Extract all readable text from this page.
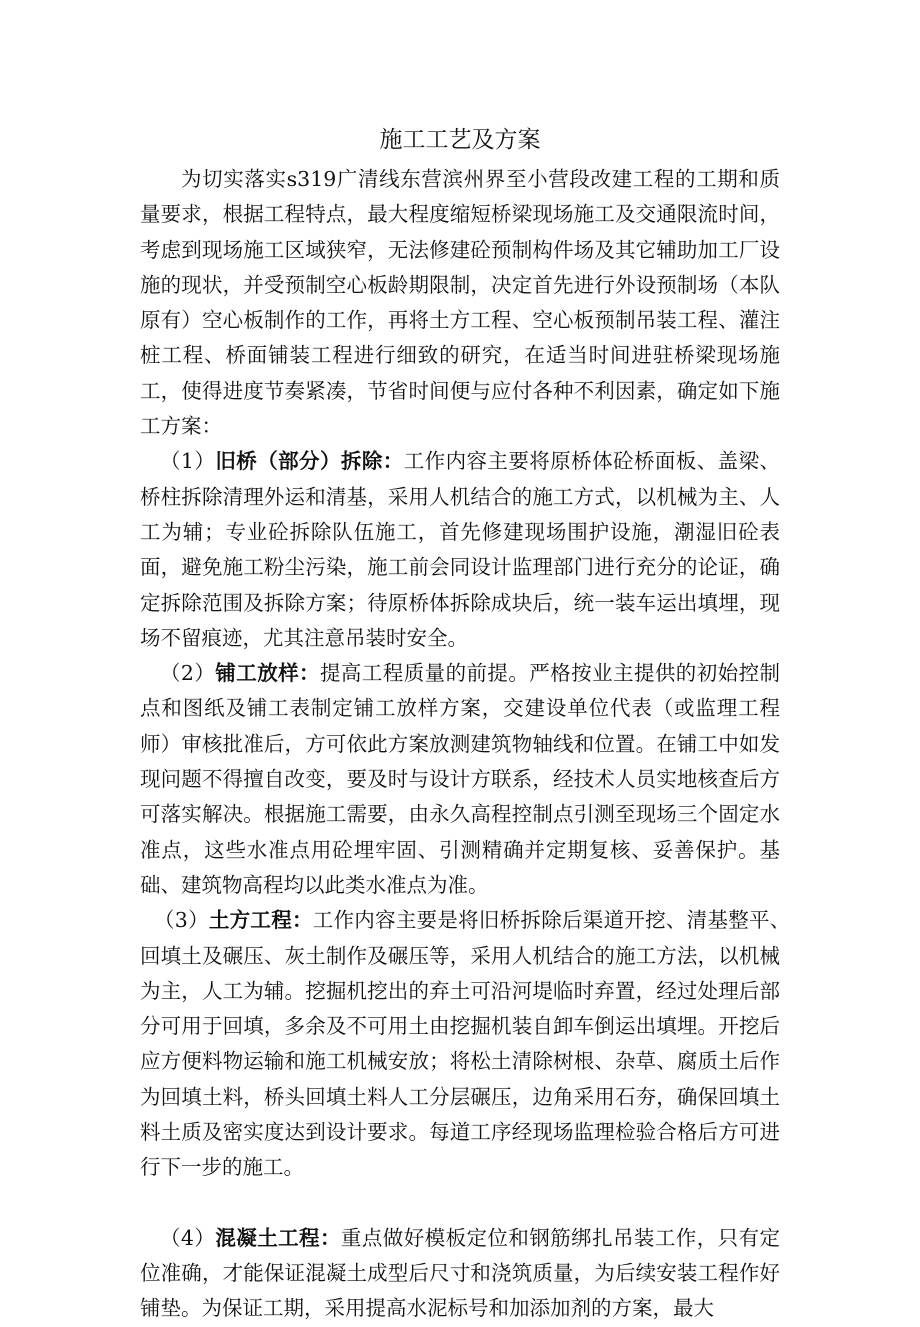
施工工艺及方案

为切实落实s319广清线东营滨州界至小营段改建工程的工期和质量要求，根据工程特点，最大程度缩短桥梁现场施工及交通限流时间，考虑到现场施工区域狭窄，无法修建砼预制构件场及其它辅助加工厂设施的现状，并受预制空心板龄期限制，决定首先进行外设预制场（本队原有）空心板制作的工作，再将土方工程、空心板预制吊装工程、灌注桩工程、桥面铺装工程进行细致的研究，在适当时间进驻桥梁现场施工，使得进度节奏紧凑，节省时间便与应付各种不利因素，确定如下施工方案：

（1）旧桥（部分）拆除：工作内容主要将原桥体砼桥面板、盖梁、桥柱拆除清理外运和清基，采用人机结合的施工方式，以机械为主、人工为辅；专业砼拆除队伍施工，首先修建现场围护设施，潮湿旧砼表面，避免施工粉尘污染，施工前会同设计监理部门进行充分的论证，确定拆除范围及拆除方案；待原桥体拆除成块后，统一装车运出填埋，现场不留痕迹，尤其注意吊装时安全。

（2）铺工放样：提高工程质量的前提。严格按业主提供的初始控制点和图纸及铺工表制定铺工放样方案，交建设单位代表（或监理工程师）审核批准后，方可依此方案放测建筑物轴线和位置。在铺工中如发现问题不得擅自改变，要及时与设计方联系，经技术人员实地核查后方可落实解决。根据施工需要，由永久高程控制点引测至现场三个固定水准点，这些水准点用砼埋牢固、引测精确并定期复核、妥善保护。基础、建筑物高程均以此类水准点为准。

（3）土方工程：工作内容主要是将旧桥拆除后渠道开挖、清基整平、　回填土及碾压、灰土制作及碾压等，采用人机结合的施工方法，以机械为主，人工为辅。挖掘机挖出的弃土可沿河堤临时弃置，经过处理后部分可用于回填，多余及不可用土由挖掘机装自卸车倒运出填埋。开挖后应方便料物运输和施工机械安放；将松土清除树根、杂草、腐质土后作为回填土料，桥头回填土料人工分层碾压，边角采用石夯，确保回填土料土质及密实度达到设计要求。每道工序经现场监理检验合格后方可进行下一步的施工。

（4）混凝土工程：重点做好模板定位和钢筋绑扎吊装工作，只有定位准确，才能保证混凝土成型后尺寸和浇筑质量，为后续安装工程作好铺垫。为保证工期，采用提高水泥标号和加添加剂的方案，最大
